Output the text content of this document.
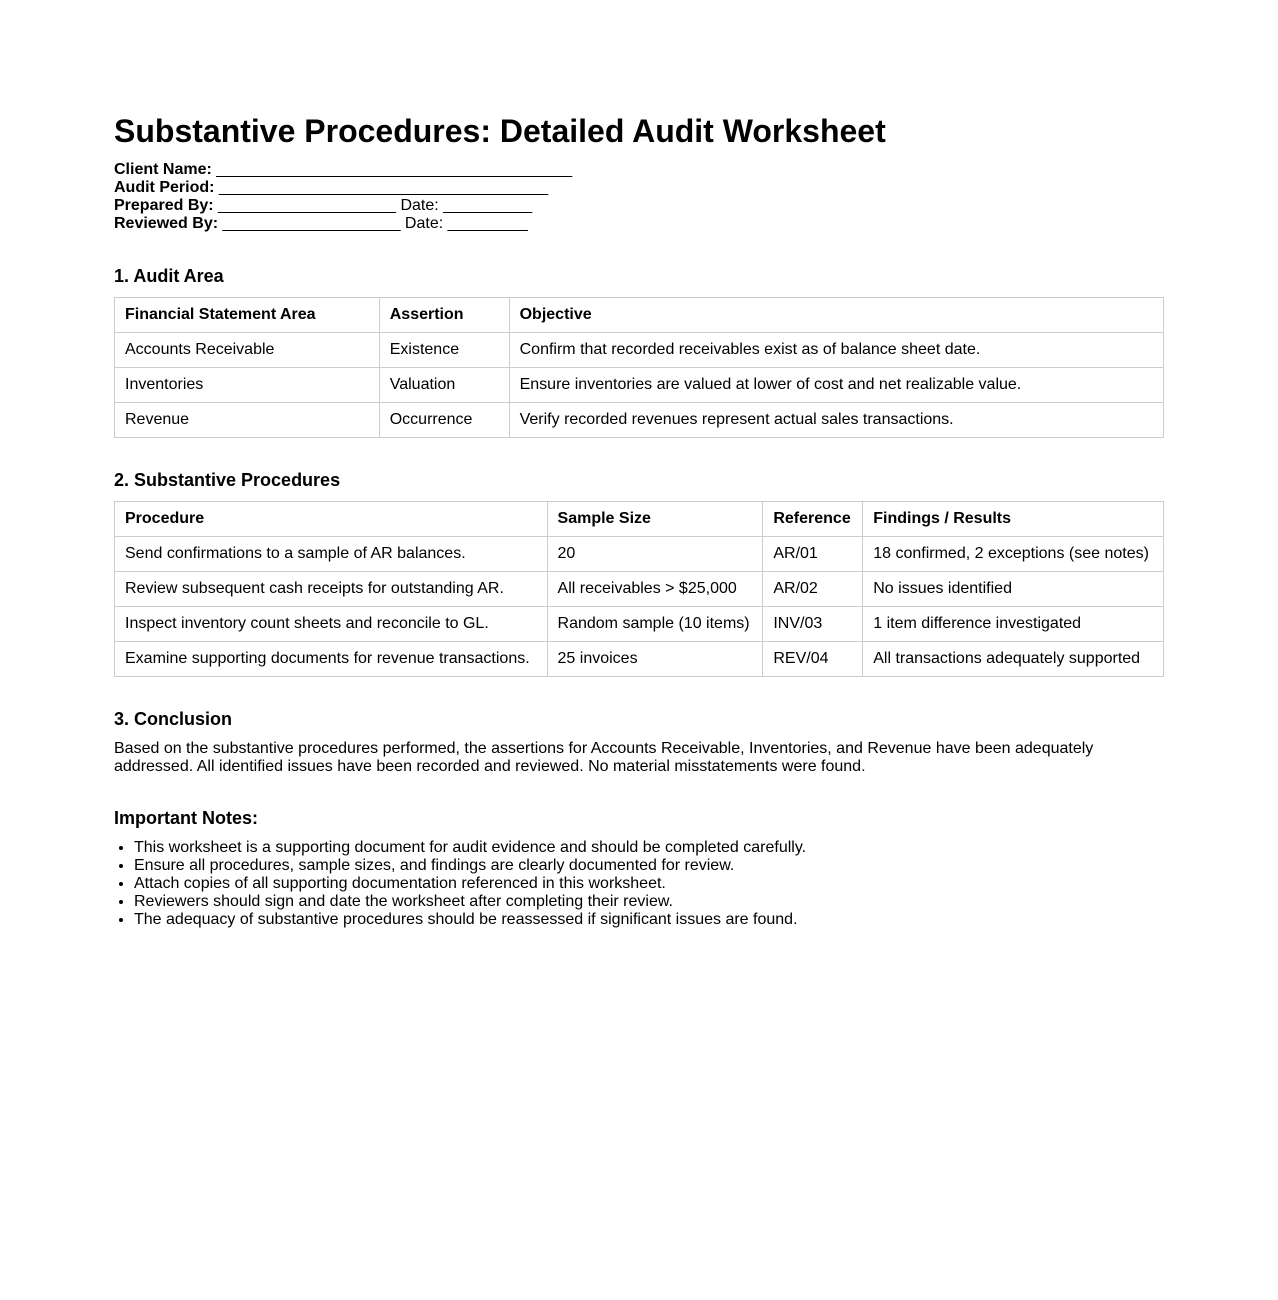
Substantive Procedures: Detailed Audit Worksheet
Client Name: ________________________________________
Audit Period: _____________________________________
Prepared By: ____________________ Date: __________
Reviewed By: ____________________ Date: _________
1. Audit Area
Financial Statement Area	Assertion	Objective
Accounts Receivable	Existence	Confirm that recorded receivables exist as of balance sheet date.
Inventories	Valuation	Ensure inventories are valued at lower of cost and net realizable value.
Revenue	Occurrence	Verify recorded revenues represent actual sales transactions.
2. Substantive Procedures
Procedure	Sample Size	Reference	Findings / Results
Send confirmations to a sample of AR balances.	20	AR/01	18 confirmed, 2 exceptions (see notes)
Review subsequent cash receipts for outstanding AR.	All receivables > $25,000	AR/02	No issues identified
Inspect inventory count sheets and reconcile to GL.	Random sample (10 items)	INV/03	1 item difference investigated
Examine supporting documents for revenue transactions.	25 invoices	REV/04	All transactions adequately supported
3. Conclusion
Based on the substantive procedures performed, the assertions for Accounts Receivable, Inventories, and Revenue have been adequately addressed. All identified issues have been recorded and reviewed. No material misstatements were found.
Important Notes:
• This worksheet is a supporting document for audit evidence and should be completed carefully.
• Ensure all procedures, sample sizes, and findings are clearly documented for review.
• Attach copies of all supporting documentation referenced in this worksheet.
• Reviewers should sign and date the worksheet after completing their review.
• The adequacy of substantive procedures should be reassessed if significant issues are found.
